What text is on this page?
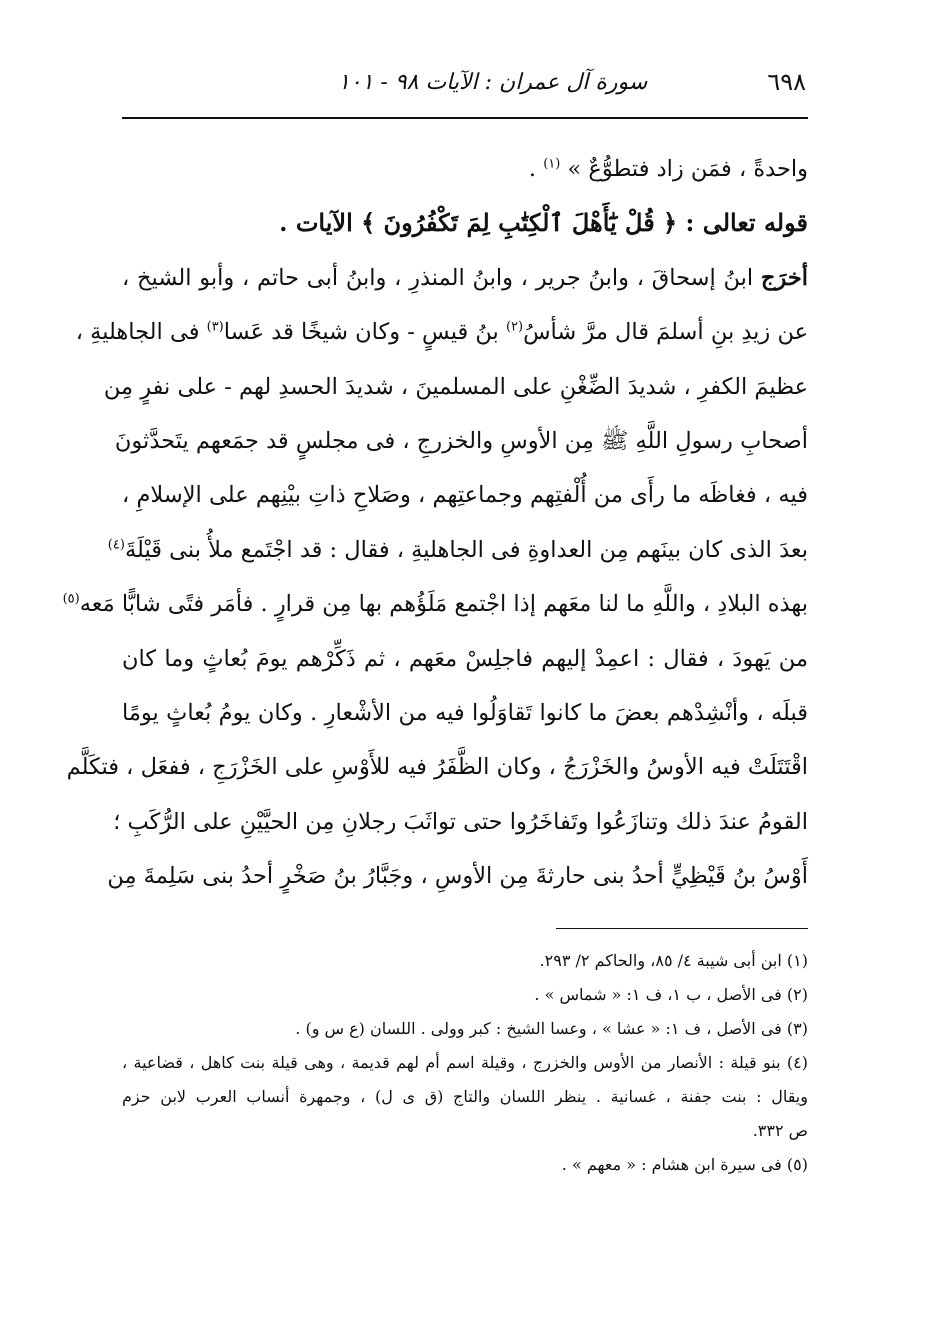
٦٩٨
سورة آل عمران : الآيات ٩٨ - ١٠١
واحدةً ، فمَن زاد فتطوُّعٌ » $^{(١)}$ .
قوله تعالى : ﴿ قُلْ يَٰٓأَهْلَ ٱلْكِتَٰبِ لِمَ تَكْفُرُونَ ﴾ الآيات .
أخرَج ابنُ إسحاقَ ، وابنُ جرير ، وابنُ المنذرِ ، وابنُ أبى حاتم ، وأبو الشيخ ،
عن زيدِ بنِ أسلمَ قال مرَّ شأسُ$^{(٢)}$ بنُ قيسٍ - وكان شيخًا قد عَسا$^{(٣)}$ فى الجاهليةِ ،
عظيمَ الكفرِ ، شديدَ الضِّغْنِ على المسلمينَ ، شديدَ الحسدِ لهم - على نفرٍ مِن
أصحابِ رسولِ اللَّهِ ﷺ مِن الأوسِ والخزرجِ ، فى مجلسٍ قد جمَعهم يتَحدَّثونَ
فيه ، فغاظَه ما رأَى من أُلْفتِهم وجماعتِهم ، وصَلاحِ ذاتِ بيْنِهم على الإسلامِ ،
بعدَ الذى كان بينَهم مِن العداوةِ فى الجاهليةِ ، فقال : قد اجْتَمع ملأُ بنى قَيْلَةَ$^{(٤)}$
بهذه البلادِ ، واللَّهِ ما لنا معَهم إذا اجْتمع مَلَؤُهم بها مِن قرارٍ . فأمَر فتًى شابًّا مَعه$^{(٥)}$
من يَهودَ ، فقال : اعمِدْ إليهم فاجلِسْ معَهم ، ثم ذَكِّرْهم يومَ بُعاثٍ وما كان
قبلَه ، وأنْشِدْهم بعضَ ما كانوا تَقاوَلُوا فيه من الأشْعارِ . وكان يومُ بُعاثٍ يومًا
اقْتَتَلَتْ فيه الأوسُ والخَزْرَجُ ، وكان الظَّفَرُ فيه للأَوْسِ على الخَزْرَجِ ، ففعَل ، فتكَلَّم
القومُ عندَ ذلك وتنازَعُوا وتَفاخَرُوا حتى تواثَبَ رجلانِ مِن الحيَّيْنِ على الرُّكَبِ ؛
أَوْسُ بنُ قَيْظِيٍّ أحدُ بنى حارثةَ مِن الأوسِ ، وجَبَّارُ بنُ صَخْرٍ أحدُ بنى سَلِمةَ مِن
(١) ابن أبى شيبة ٤/ ٨٥، والحاكم ٢/ ٢٩٣.
(٢) فى الأصل ، ب ١، ف ١: « شماس » .
(٣) فى الأصل ، ف ١: « عشا » ، وعسا الشيخ : كبر وولى . اللسان (ع س و) .
(٤) بنو قيلة : الأنصار من الأوس والخزرج ، وقيلة اسم أم لهم قديمة ، وهى قيلة بنت كاهل ، قضاعية ،
ويقال : بنت جفنة ، غسانية . ينظر اللسان والتاج (ق ى ل) ، وجمهرة أنساب العرب لابن حزم
ص ٣٣٢.
(٥) فى سيرة ابن هشام : « معهم » .
